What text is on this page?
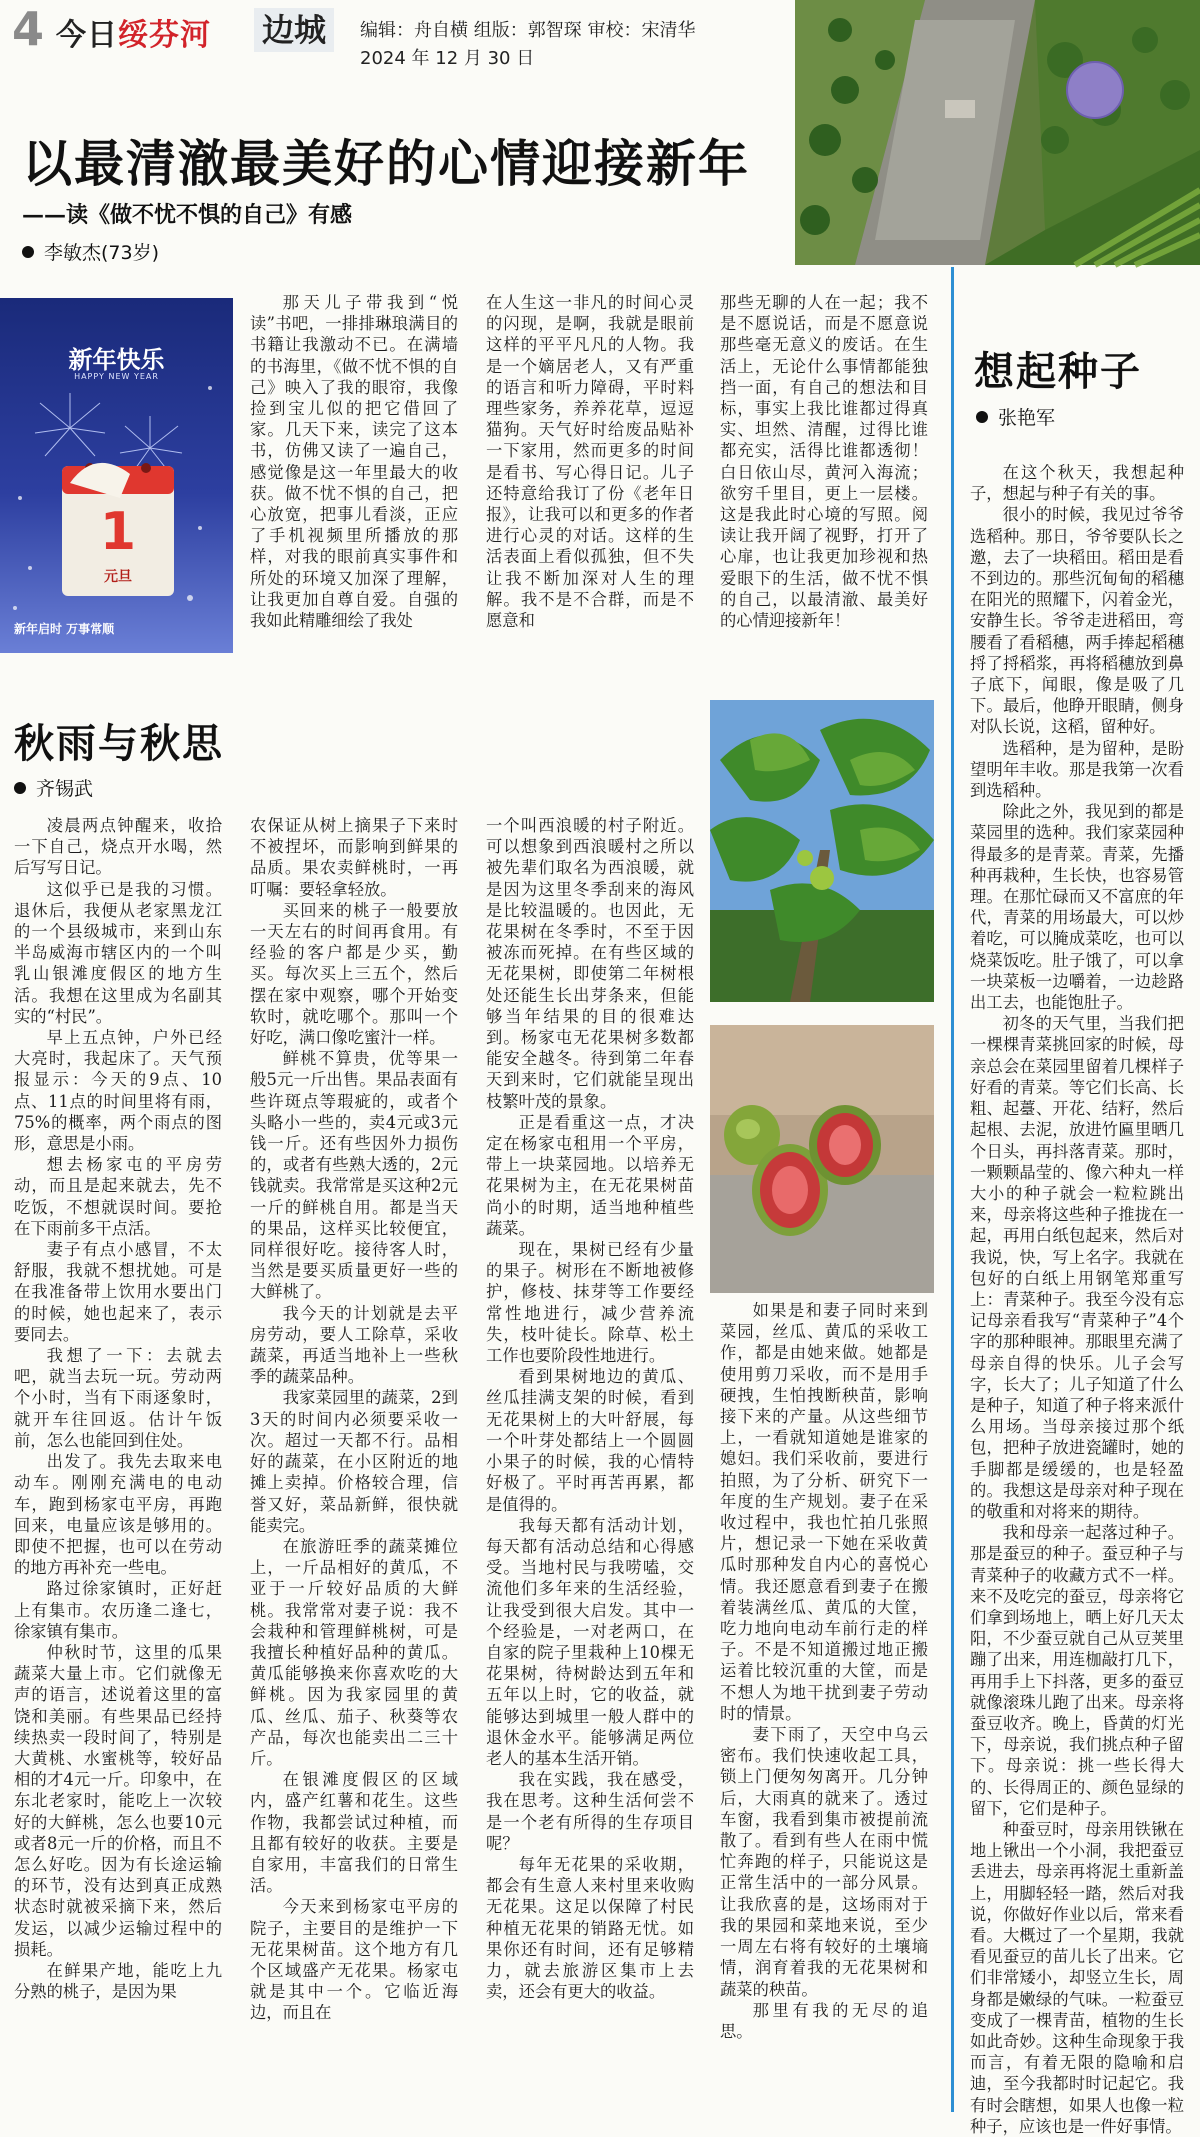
4 今日绥芬河 边城	编辑：舟自横 组版：郭智琛 审校：宋清华
2024 年 12 月 30 日
以最清澈最美好的心情迎接新年
——读《做不忧不惧的自己》有感
李敏杰(73岁)
新年快乐
HAPPY NEW YEAR
1
元旦
新年启时 万事常顺

那天儿子带我到“悦读”书吧，一排排琳琅满目的书籍让我激动不已。在满墙的书海里，《做不忧不惧的自己》映入了我的眼帘，我像捡到宝儿似的把它借回了家。几天下来，读完了这本书，仿佛又读了一遍自己，感觉像是这一年里最大的收获。做不忧不惧的自己，把心放宽，把事儿看淡，正应了手机视频里所播放的那样，对我的眼前真实事件和所处的环境又加深了理解，让我更加自尊自爱。自强的我如此精雕细绘了我处

在人生这一非凡的时间心灵的闪现，是啊，我就是眼前这样的平平凡凡的人物。我是一个嫡居老人，又有严重的语言和听力障碍，平时料理些家务，养养花草，逗逗猫狗。天气好时给废品贴补一下家用，然而更多的时间是看书、写心得日记。儿子还特意给我订了份《老年日报》，让我可以和更多的作者进行心灵的对话。这样的生活表面上看似孤独，但不失让我不断加深对人生的理解。我不是不合群，而是不愿意和

那些无聊的人在一起；我不是不愿说话，而是不愿意说那些毫无意义的废话。在生活上，无论什么事情都能独挡一面，有自己的想法和目标，事实上我比谁都过得真实、坦然、清醒，过得比谁都充实，活得比谁都透彻！白日依山尽，黄河入海流；欲穷千里目，更上一层楼。这是我此时心境的写照。阅读让我开阔了视野，打开了心扉，也让我更加珍视和热爱眼下的生活，做不忧不惧的自己，以最清澈、最美好的心情迎接新年！

秋雨与秋思
齐锡武

凌晨两点钟醒来，收拾一下自己，烧点开水喝，然后写写日记。

这似乎已是我的习惯。退休后，我便从老家黑龙江的一个县级城市，来到山东半岛威海市辖区内的一个叫乳山银滩度假区的地方生活。我想在这里成为名副其实的“村民”。

早上五点钟，户外已经大亮时，我起床了。天气预报显示：今天的9点、10点、11点的时间里将有雨，75%的概率，两个雨点的图形，意思是小雨。

想去杨家屯的平房劳动，而且是起来就去，先不吃饭，不想就误时间。要抢在下雨前多干点活。

妻子有点小感冒，不太舒服，我就不想扰她。可是在我准备带上饮用水要出门的时候，她也起来了，表示要同去。

我想了一下：去就去吧，就当去玩一玩。劳动两个小时，当有下雨逐象时，就开车往回返。估计午饭前，怎么也能回到住处。

出发了。我先去取来电动车。刚刚充满电的电动车，跑到杨家屯平房，再跑回来，电量应该是够用的。即使不把握，也可以在劳动的地方再补充一些电。

路过徐家镇时，正好赶上有集市。农历逢二逢七，徐家镇有集市。

仲秋时节，这里的瓜果蔬菜大量上市。它们就像无声的语言，述说着这里的富饶和美丽。有些果品已经持续热卖一段时间了，特别是大黄桃、水蜜桃等，较好品相的才4元一斤。印象中，在东北老家时，能吃上一次较好的大鲜桃，怎么也要10元或者8元一斤的价格，而且不怎么好吃。因为有长途运输的环节，没有达到真正成熟状态时就被采摘下来，然后发运，以减少运输过程中的损耗。

在鲜果产地，能吃上九分熟的桃子，是因为果

农保证从树上摘果子下来时不被捏坏，而影响到鲜果的品质。果农卖鲜桃时，一再叮嘱：要轻拿轻放。

买回来的桃子一般要放一天左右的时间再食用。有经验的客户都是少买，勤买。每次买上三五个，然后摆在家中观察，哪个开始变软时，就吃哪个。那叫一个好吃，满口像吃蜜汁一样。

鲜桃不算贵，优等果一般5元一斤出售。果品表面有些许斑点等瑕疵的，或者个头略小一些的，卖4元或3元钱一斤。还有些因外力损伤的，或者有些熟大透的，2元钱就卖。我常常是买这种2元一斤的鲜桃自用。都是当天的果品，这样买比较便宜，同样很好吃。接待客人时，当然是要买质量更好一些的大鲜桃了。

我今天的计划就是去平房劳动，要人工除草，采收蔬菜，再适当地补上一些秋季的蔬菜品种。

我家菜园里的蔬菜，2到3天的时间内必须要采收一次。超过一天都不行。品相好的蔬菜，在小区附近的地摊上卖掉。价格较合理，信誉又好，菜品新鲜，很快就能卖完。

在旅游旺季的蔬菜摊位上，一斤品相好的黄瓜，不亚于一斤较好品质的大鲜桃。我常常对妻子说：我不会栽种和管理鲜桃树，可是我擅长种植好品种的黄瓜。黄瓜能够换来你喜欢吃的大鲜桃。因为我家园里的黄瓜、丝瓜、茄子、秋葵等农产品，每次也能卖出二三十斤。

在银滩度假区的区域内，盛产红薯和花生。这些作物，我都尝试过种植，而且都有较好的收获。主要是自家用，丰富我们的日常生活。

今天来到杨家屯平房的院子，主要目的是维护一下无花果树苗。这个地方有几个区域盛产无花果。杨家屯就是其中一个。它临近海边，而且在

一个叫西浪暖的村子附近。可以想象到西浪暖村之所以被先辈们取名为西浪暖，就是因为这里冬季刮来的海风是比较温暖的。也因此，无花果树在冬季时，不至于因被冻而死掉。在有些区域的无花果树，即使第二年树根处还能生长出芽条来，但能够当年结果的目的很难达到。杨家屯无花果树多数都能安全越冬。待到第二年春天到来时，它们就能呈现出枝繁叶茂的景象。

正是看重这一点，才决定在杨家屯租用一个平房，带上一块菜园地。以培养无花果树为主，在无花果树苗尚小的时期，适当地种植些蔬菜。

现在，果树已经有少量的果子。树形在不断地被修护，修枝、抹芽等工作要经常性地进行，减少营养流失，枝叶徒长。除草、松土工作也要阶段性地进行。

看到果树地边的黄瓜、丝瓜挂满支架的时候，看到无花果树上的大叶舒展，每一个叶芽处都结上一个圆圆小果子的时候，我的心情特好极了。平时再苦再累，都是值得的。

我每天都有活动计划，每天都有活动总结和心得感受。当地村民与我唠嗑，交流他们多年来的生活经验，让我受到很大启发。其中一个经验是，一对老两口，在自家的院子里栽种上10棵无花果树，待树龄达到五年和五年以上时，它的收益，就能够达到城里一般人群中的退休金水平。能够满足两位老人的基本生活开销。

我在实践，我在感受，我在思考。这种生活何尝不是一个老有所得的生存项目呢？

每年无花果的采收期，都会有生意人来村里来收购无花果。这足以保障了村民种植无花果的销路无忧。如果你还有时间，还有足够精力，就去旅游区集市上去卖，还会有更大的收益。

如果是和妻子同时来到菜园，丝瓜、黄瓜的采收工作，都是由她来做。她都是使用剪刀采收，而不是用手硬拽，生怕拽断秧苗，影响接下来的产量。从这些细节上，一看就知道她是谁家的媳妇。我们采收前，要进行拍照，为了分析、研究下一年度的生产规划。妻子在采收过程中，我也忙拍几张照片，想记录一下她在采收黄瓜时那种发自内心的喜悦心情。我还愿意看到妻子在搬着装满丝瓜、黄瓜的大筐，吃力地向电动车前行走的样子。不是不知道搬过地正搬运着比较沉重的大筐，而是不想人为地干扰到妻子劳动时的情景。

妻下雨了，天空中乌云密布。我们快速收起工具，锁上门便匆匆离开。几分钟后，大雨真的就来了。透过车窗，我看到集市被提前流散了。看到有些人在雨中慌忙奔跑的样子，只能说这是正常生活中的一部分风景。让我欣喜的是，这场雨对于我的果园和菜地来说，至少一周左右将有较好的土壤墒情，润育着我的无花果树和蔬菜的秧苗。

那里有我的无尽的追思。

想起种子
张艳军

在这个秋天，我想起种子，想起与种子有关的事。

很小的时候，我见过爷爷选稻种。那日，爷爷要队长之邀，去了一块稻田。稻田是看不到边的。那些沉甸甸的稻穗在阳光的照耀下，闪着金光，安静生长。爷爷走进稻田，弯腰看了看稻穗，两手捧起稻穗捋了捋稻浆，再将稻穗放到鼻子底下，闻眼，像是吸了几下。最后，他睁开眼睛，侧身对队长说，这稻，留种好。

选稻种，是为留种，是盼望明年丰收。那是我第一次看到选稻种。

除此之外，我见到的都是菜园里的选种。我们家菜园种得最多的是青菜。青菜，先播种再栽种，生长快，也容易管理。在那忙碌而又不富庶的年代，青菜的用场最大，可以炒着吃，可以腌成菜吃，也可以烧菜饭吃。肚子饿了，可以拿一块菜板一边嚼着，一边趁路出工去，也能饱肚子。

初冬的天气里，当我们把一棵棵青菜挑回家的时候，母亲总会在菜园里留着几棵样子好看的青菜。等它们长高、长粗、起薹、开花、结籽，然后起根、去泥，放进竹匾里晒几个日头，再抖落青菜。那时，一颗颗晶莹的、像六种丸一样大小的种子就会一粒粒跳出来，母亲将这些种子推拢在一起，再用白纸包起来，然后对我说，快，写上名字。我就在包好的白纸上用钢笔郑重写上：青菜种子。我至今没有忘记母亲看我写“青菜种子”4个字的那种眼神。那眼里充满了母亲自得的快乐。儿子会写字，长大了；儿子知道了什么是种子，知道了种子将来派什么用场。当母亲接过那个纸包，把种子放进瓷罐时，她的手脚都是缓缓的，也是轻盈的。我想这是母亲对种子现在的敬重和对将来的期待。

我和母亲一起落过种子。那是蚕豆的种子。蚕豆种子与青菜种子的收藏方式不一样。来不及吃完的蚕豆，母亲将它们拿到场地上，晒上好几天太阳，不少蚕豆就自己从豆荚里蹦了出来，用连枷敲打几下，再用手上下抖落，更多的蚕豆就像滚珠儿跑了出来。母亲将蚕豆收齐。晚上，昏黄的灯光下，母亲说，我们挑点种子留下。母亲说：挑一些长得大的、长得周正的、颜色显绿的留下，它们是种子。

种蚕豆时，母亲用铁锹在地上锹出一个小洞，我把蚕豆丢进去，母亲再将泥土重新盖上，用脚轻轻一踏，然后对我说，你做好作业以后，常来看看。大概过了一个星期，我就看见蚕豆的苗儿长了出来。它们非常矮小，却竖立生长，周身都是嫩绿的气味。一粒蚕豆变成了一棵青苗，植物的生长如此奇妙。这种生命现象于我而言，有着无限的隐喻和启迪，至今我都时时记起它。我有时会瞎想，如果人也像一粒种子，应该也是一件好事情。
